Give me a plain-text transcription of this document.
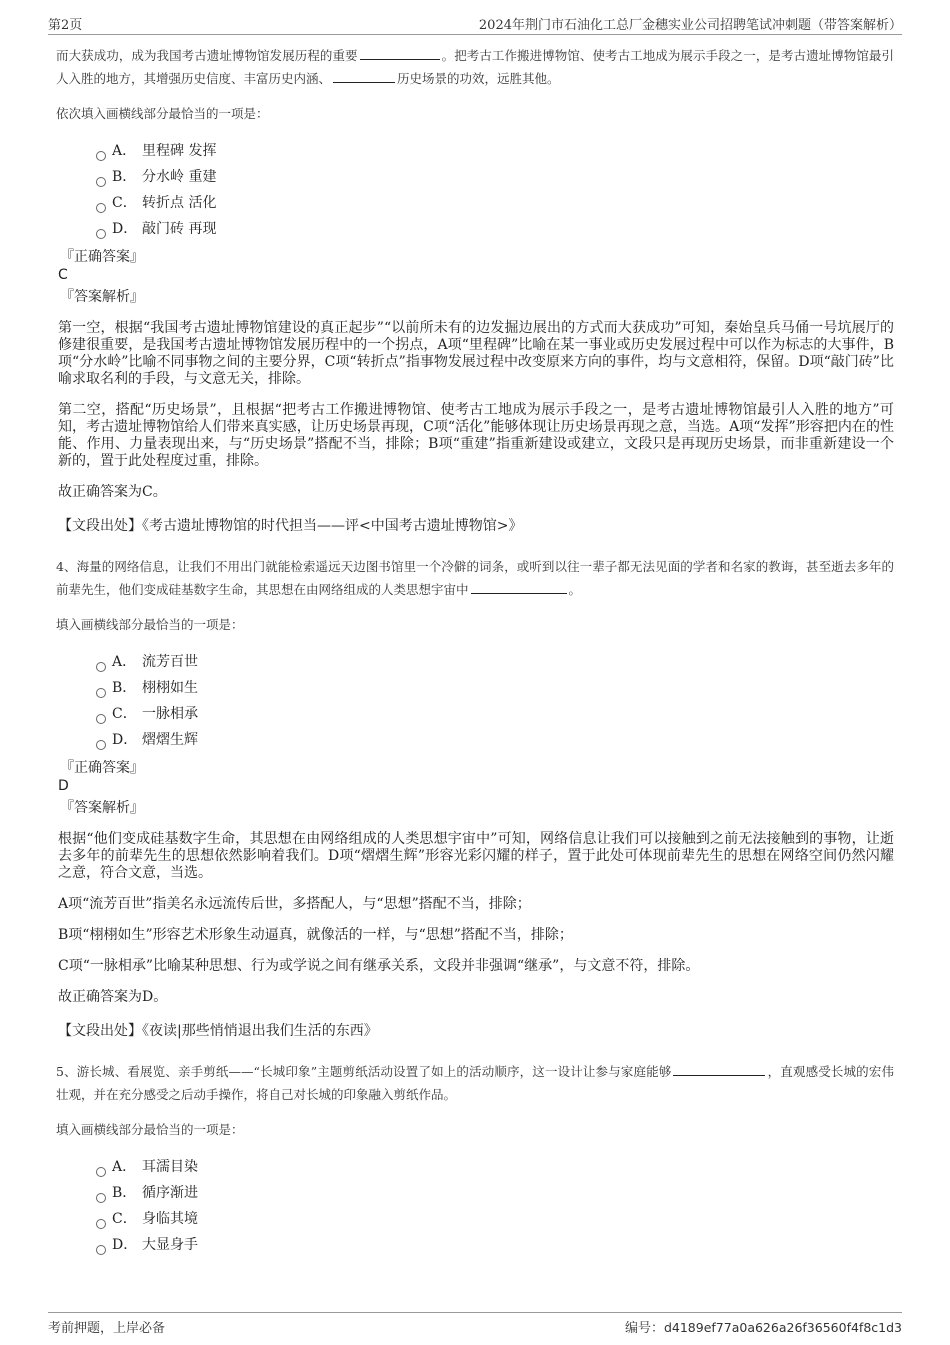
第2页	2024年荆门市石油化工总厂金穗实业公司招聘笔试冲刺题（带答案解析）
而大获成功，成为我国考古遗址博物馆发展历程的重要	。把考古工作搬进博物馆、使考古工地成为展示手段之一，是考古遗址博物馆最引人入胜的地方，其增强历史信度、丰富历史内涵、	历史场景的功效，远胜其他。
依次填入画横线部分最恰当的一项是：
A． 里程碑 发挥
B． 分水岭 重建
C． 转折点 活化
D． 敲门砖 再现
『正确答案』
C
『答案解析』
第一空，根据“我国考古遗址博物馆建设的真正起步”“以前所未有的边发掘边展出的方式而大获成功”可知，秦始皇兵马俑一号坑展厅的修建很重要，是我国考古遗址博物馆发展历程中的一个拐点，A项“里程碑”比喻在某一事业或历史发展过程中可以作为标志的大事件，B项“分水岭”比喻不同事物之间的主要分界，C项“转折点”指事物发展过程中改变原来方向的事件，均与文意相符，保留。D项“敲门砖”比喻求取名利的手段，与文意无关，排除。
第二空，搭配“历史场景”，且根据“把考古工作搬进博物馆、使考古工地成为展示手段之一，是考古遗址博物馆最引人入胜的地方”可知，考古遗址博物馆给人们带来真实感，让历史场景再现，C项“活化”能够体现让历史场景再现之意，当选。A项“发挥”形容把内在的性能、作用、力量表现出来，与“历史场景”搭配不当，排除；B项“重建”指重新建设或建立，文段只是再现历史场景，而非重新建设一个新的，置于此处程度过重，排除。
故正确答案为C。
【文段出处】《考古遗址博物馆的时代担当——评<中国考古遗址博物馆>》
4、海量的网络信息，让我们不用出门就能检索遥远天边图书馆里一个冷僻的词条，或听到以往一辈子都无法见面的学者和名家的教诲，甚至逝去多年的前辈先生，他们变成硅基数字生命，其思想在由网络组成的人类思想宇宙中	。
填入画横线部分最恰当的一项是：
A． 流芳百世
B． 栩栩如生
C． 一脉相承
D． 熠熠生辉
『正确答案』
D
『答案解析』
根据“他们变成硅基数字生命，其思想在由网络组成的人类思想宇宙中”可知，网络信息让我们可以接触到之前无法接触到的事物，让逝去多年的前辈先生的思想依然影响着我们。D项“熠熠生辉”形容光彩闪耀的样子，置于此处可体现前辈先生的思想在网络空间仍然闪耀之意，符合文意，当选。
A项“流芳百世”指美名永远流传后世，多搭配人，与“思想”搭配不当，排除；
B项“栩栩如生”形容艺术形象生动逼真，就像活的一样，与“思想”搭配不当，排除；
C项“一脉相承”比喻某种思想、行为或学说之间有继承关系，文段并非强调“继承”，与文意不符，排除。
故正确答案为D。
【文段出处】《夜读|那些悄悄退出我们生活的东西》
5、游长城、看展览、亲手剪纸——“长城印象”主题剪纸活动设置了如上的活动顺序，这一设计让参与家庭能够	，直观感受长城的宏伟壮观，并在充分感受之后动手操作，将自己对长城的印象融入剪纸作品。
填入画横线部分最恰当的一项是：
A． 耳濡目染
B． 循序渐进
C． 身临其境
D． 大显身手
考前押题，上岸必备	编号：d4189ef77a0a626a26f36560f4f8c1d3
